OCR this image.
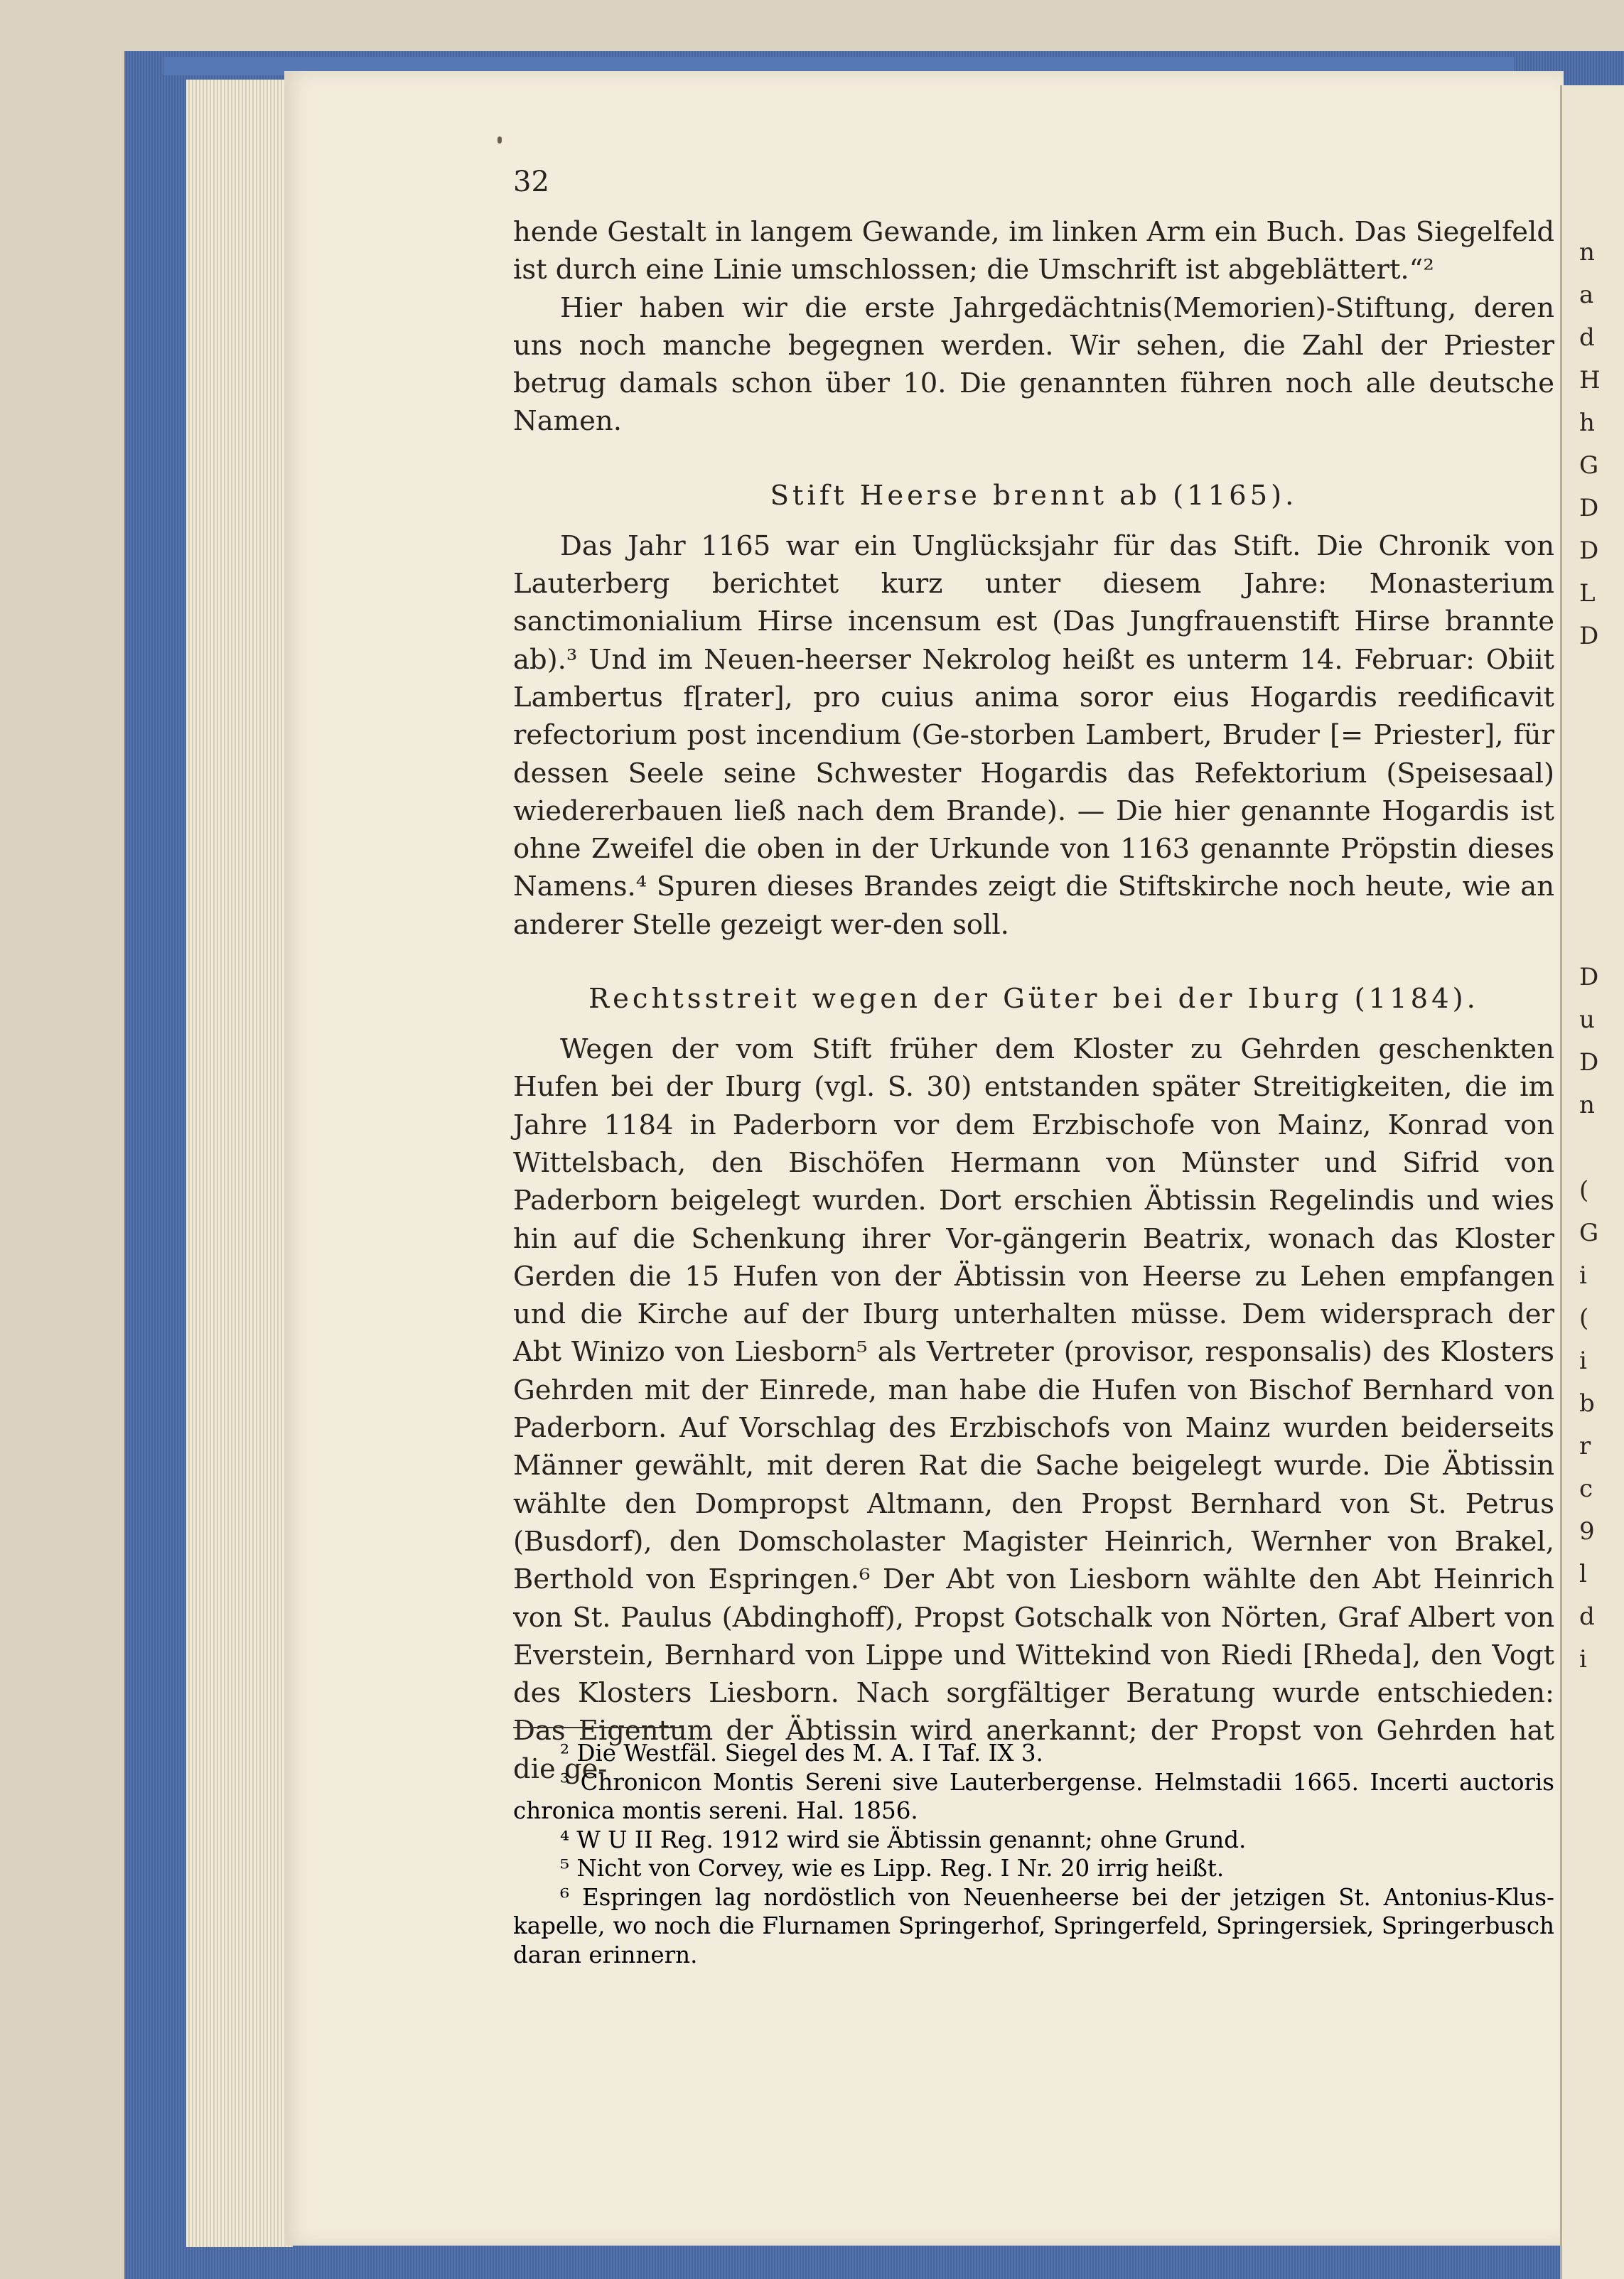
n
a
d
H
h
G
D
D
L
D
D
u
D
n
(
G
i
(
i
b
r
c
9
l
d
i
32

hende Gestalt in langem Gewande, im linken Arm ein Buch. Das Siegelfeld ist durch eine Linie umschlossen; die Umschrift ist abgeblättert.“²

Hier haben wir die erste Jahrgedächtnis(Memorien)-Stiftung, deren uns noch manche begegnen werden. Wir sehen, die Zahl der Priester betrug damals schon über 10. Die genannten führen noch alle deutsche Namen.

Stift Heerse brennt ab (1165).

Das Jahr 1165 war ein Unglücksjahr für das Stift. Die Chronik von Lauterberg berichtet kurz unter diesem Jahre: Monasterium sanctimonialium Hirse incensum est (Das Jungfrauenstift Hirse brannte ab).³ Und im Neuen-heerser Nekrolog heißt es unterm 14. Februar: Obiit Lambertus f[rater], pro cuius anima soror eius Hogardis reedificavit refectorium post incendium (Ge-storben Lambert, Bruder [= Priester], für dessen Seele seine Schwester Hogardis das Refektorium (Speisesaal) wiedererbauen ließ nach dem Brande). — Die hier genannte Hogardis ist ohne Zweifel die oben in der Urkunde von 1163 genannte Pröpstin dieses Namens.⁴ Spuren dieses Brandes zeigt die Stiftskirche noch heute, wie an anderer Stelle gezeigt wer-den soll.

Rechtsstreit wegen der Güter bei der Iburg (1184).

Wegen der vom Stift früher dem Kloster zu Gehrden geschenkten Hufen bei der Iburg (vgl. S. 30) entstanden später Streitigkeiten, die im Jahre 1184 in Paderborn vor dem Erzbischofe von Mainz, Konrad von Wittelsbach, den Bischöfen Hermann von Münster und Sifrid von Paderborn beigelegt wurden. Dort erschien Äbtissin Regelindis und wies hin auf die Schenkung ihrer Vor-gängerin Beatrix, wonach das Kloster Gerden die 15 Hufen von der Äbtissin von Heerse zu Lehen empfangen und die Kirche auf der Iburg unterhalten müsse. Dem widersprach der Abt Winizo von Liesborn⁵ als Vertreter (provisor, responsalis) des Klosters Gehrden mit der Einrede, man habe die Hufen von Bischof Bernhard von Paderborn. Auf Vorschlag des Erzbischofs von Mainz wurden beiderseits Männer gewählt, mit deren Rat die Sache beigelegt wurde. Die Äbtissin wählte den Dompropst Altmann, den Propst Bernhard von St. Petrus (Busdorf), den Domscholaster Magister Heinrich, Wernher von Brakel, Berthold von Espringen.⁶ Der Abt von Liesborn wählte den Abt Heinrich von St. Paulus (Abdinghoff), Propst Gotschalk von Nörten, Graf Albert von Everstein, Bernhard von Lippe und Wittekind von Riedi [Rheda], den Vogt des Klosters Liesborn. Nach sorgfältiger Beratung wurde entschieden: Das Eigentum der Äbtissin wird anerkannt; der Propst von Gehrden hat die ge-

² Die Westfäl. Siegel des M. A. I Taf. IX 3.

³ Chronicon Montis Sereni sive Lauterbergense. Helmstadii 1665. Incerti auctoris chronica montis sereni. Hal. 1856.

⁴ W U II Reg. 1912 wird sie Äbtissin genannt; ohne Grund.

⁵ Nicht von Corvey, wie es Lipp. Reg. I Nr. 20 irrig heißt.

⁶ Espringen lag nordöstlich von Neuenheerse bei der jetzigen St. Antonius-Klus-kapelle, wo noch die Flurnamen Springerhof, Springerfeld, Springersiek, Springerbusch daran erinnern.
